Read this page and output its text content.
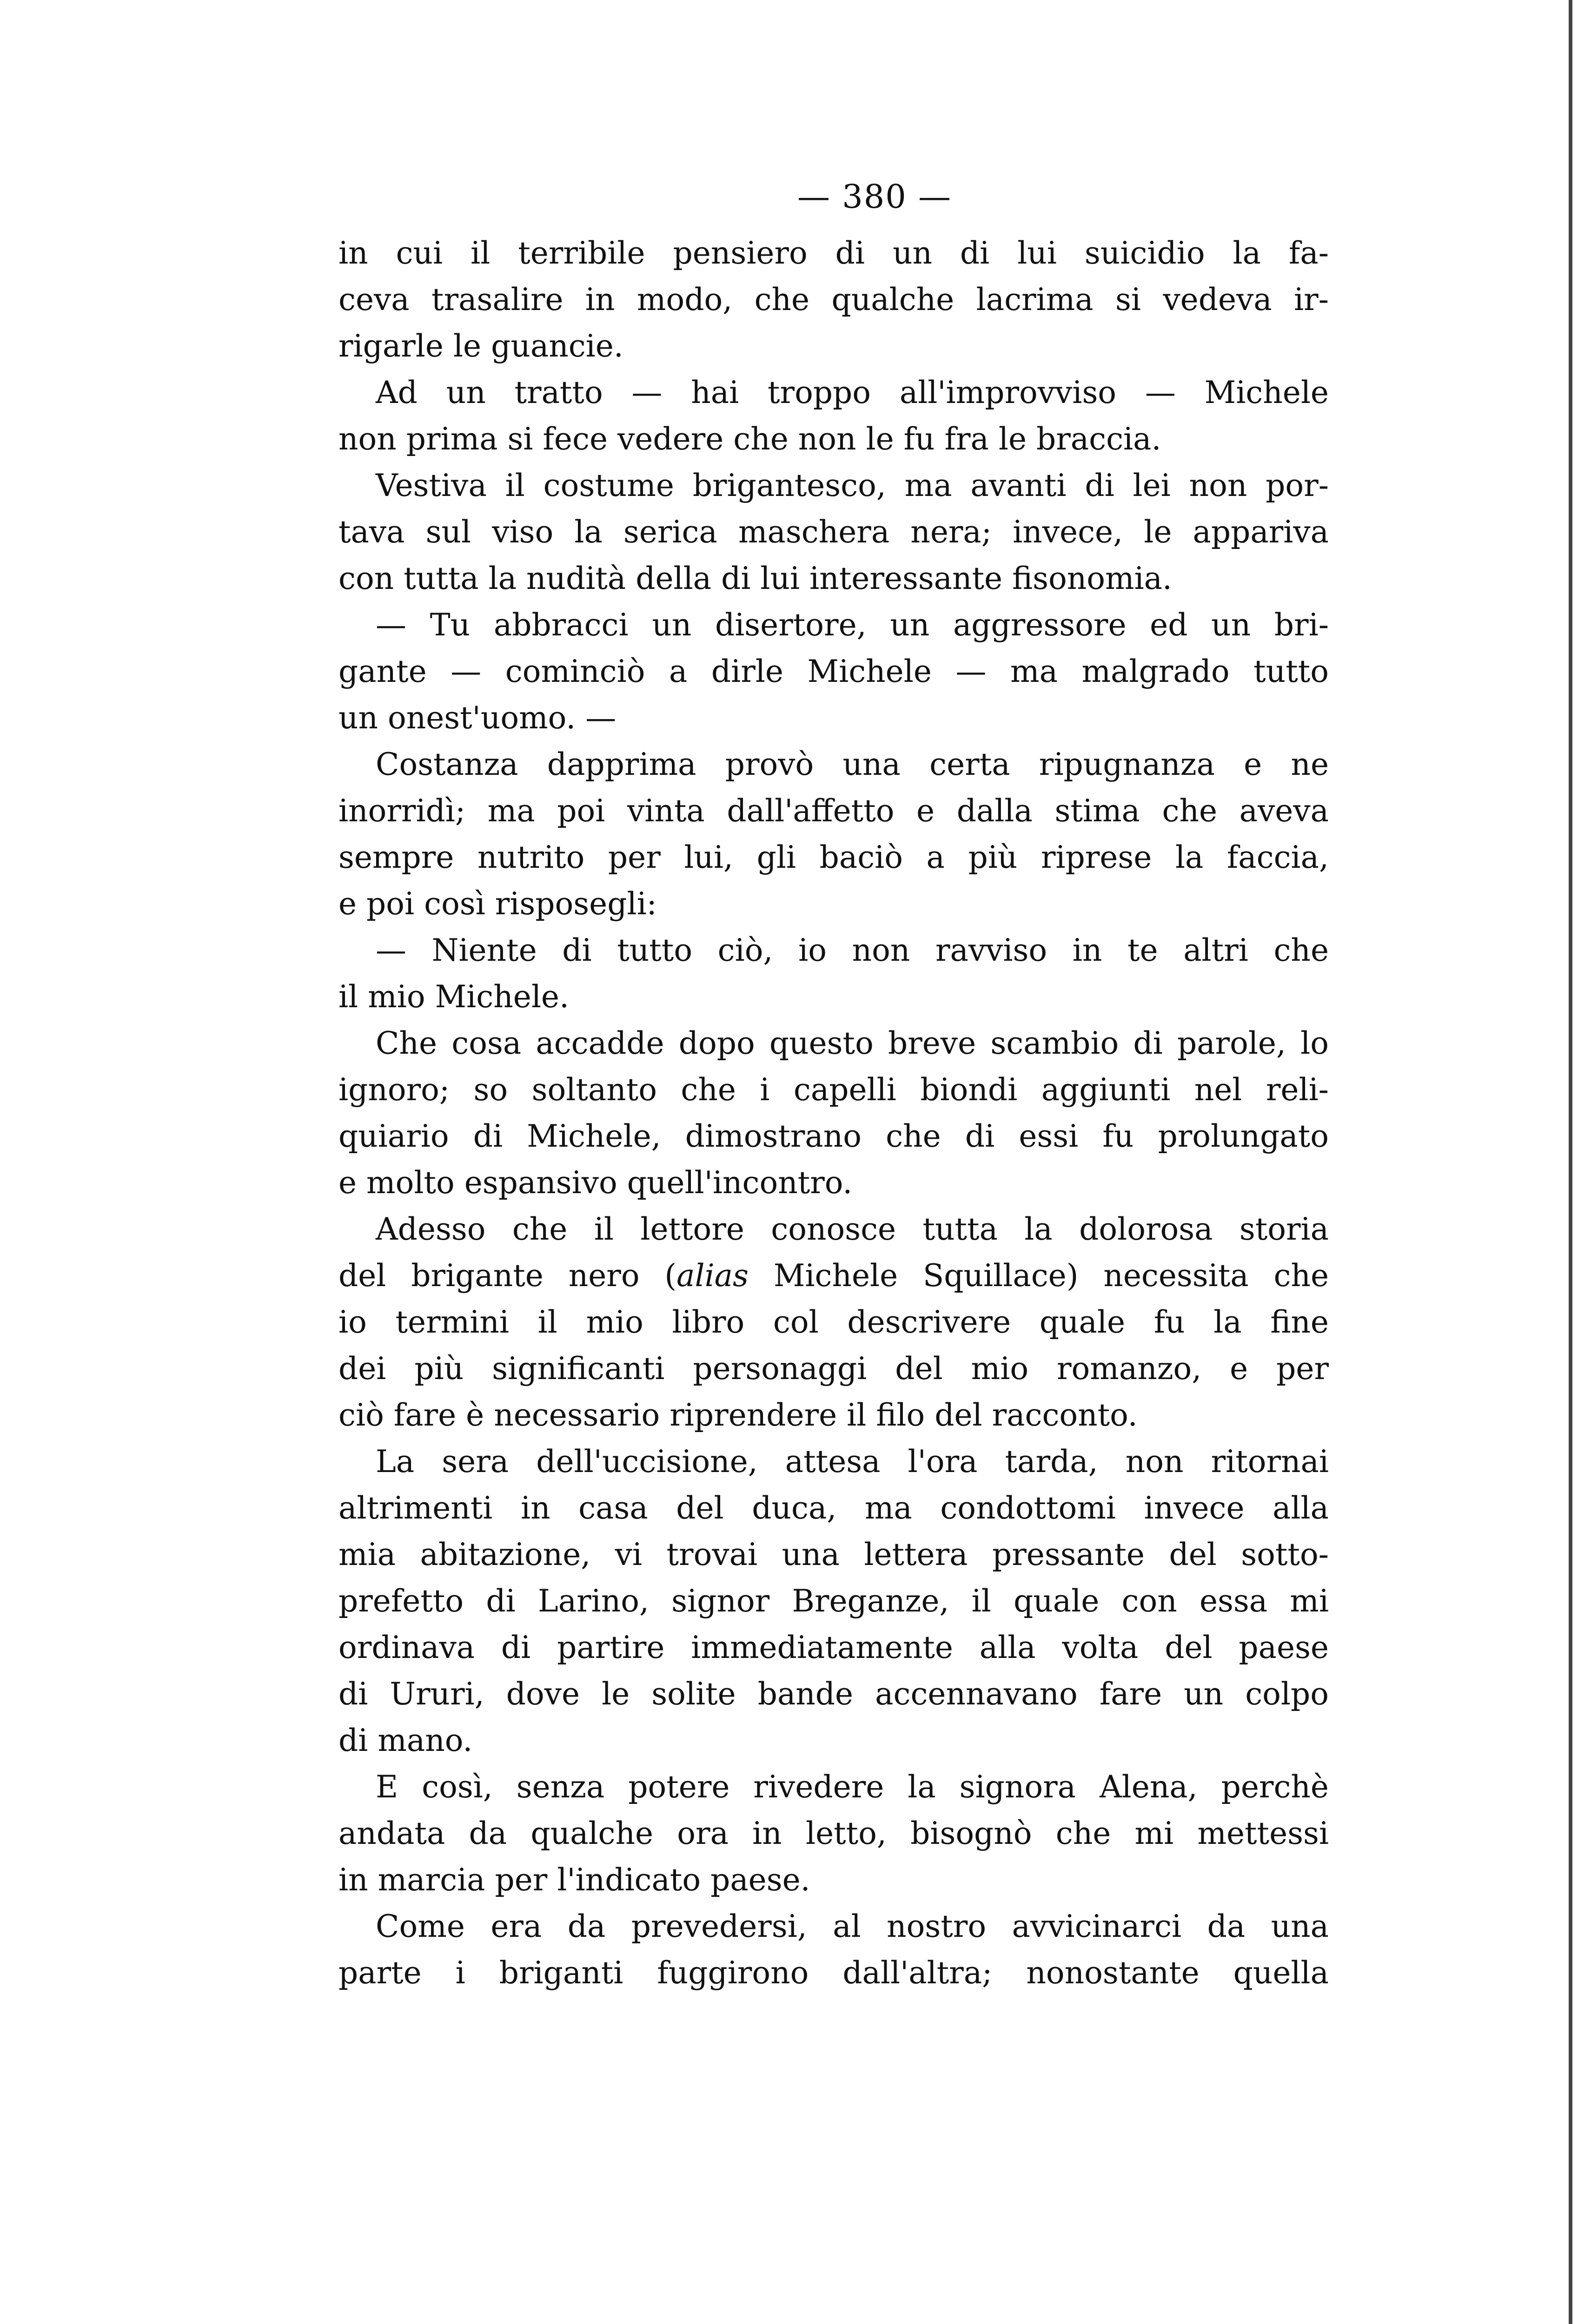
— 380 —

in cui il terribile pensiero di un di lui suicidio la fa-
ceva trasalire in modo, che qualche lacrima si vedeva ir-
rigarle le guancie.

Ad un tratto — hai troppo all'improvviso — Michele
non prima si fece vedere che non le fu fra le braccia.

Vestiva il costume brigantesco, ma avanti di lei non por-
tava sul viso la serica maschera nera; invece, le appariva
con tutta la nudità della di lui interessante fisonomia.

— Tu abbracci un disertore, un aggressore ed un bri-
gante — cominciò a dirle Michele — ma malgrado tutto
un onest'uomo. —

Costanza dapprima provò una certa ripugnanza e ne
inorridì; ma poi vinta dall'affetto e dalla stima che aveva
sempre nutrito per lui, gli baciò a più riprese la faccia,
e poi così risposegli:

— Niente di tutto ciò, io non ravviso in te altri che
il mio Michele.

Che cosa accadde dopo questo breve scambio di parole, lo
ignoro; so soltanto che i capelli biondi aggiunti nel reli-
quiario di Michele, dimostrano che di essi fu prolungato
e molto espansivo quell'incontro.

Adesso che il lettore conosce tutta la dolorosa storia
del brigante nero (alias Michele Squillace) necessita che
io termini il mio libro col descrivere quale fu la fine
dei più significanti personaggi del mio romanzo, e per
ciò fare è necessario riprendere il filo del racconto.

La sera dell'uccisione, attesa l'ora tarda, non ritornai
altrimenti in casa del duca, ma condottomi invece alla
mia abitazione, vi trovai una lettera pressante del sotto-
prefetto di Larino, signor Breganze, il quale con essa mi
ordinava di partire immediatamente alla volta del paese
di Ururi, dove le solite bande accennavano fare un colpo
di mano.

E così, senza potere rivedere la signora Alena, perchè
andata da qualche ora in letto, bisognò che mi mettessi
in marcia per l'indicato paese.

Come era da prevedersi, al nostro avvicinarci da una
parte i briganti fuggirono dall'altra; nonostante quella
